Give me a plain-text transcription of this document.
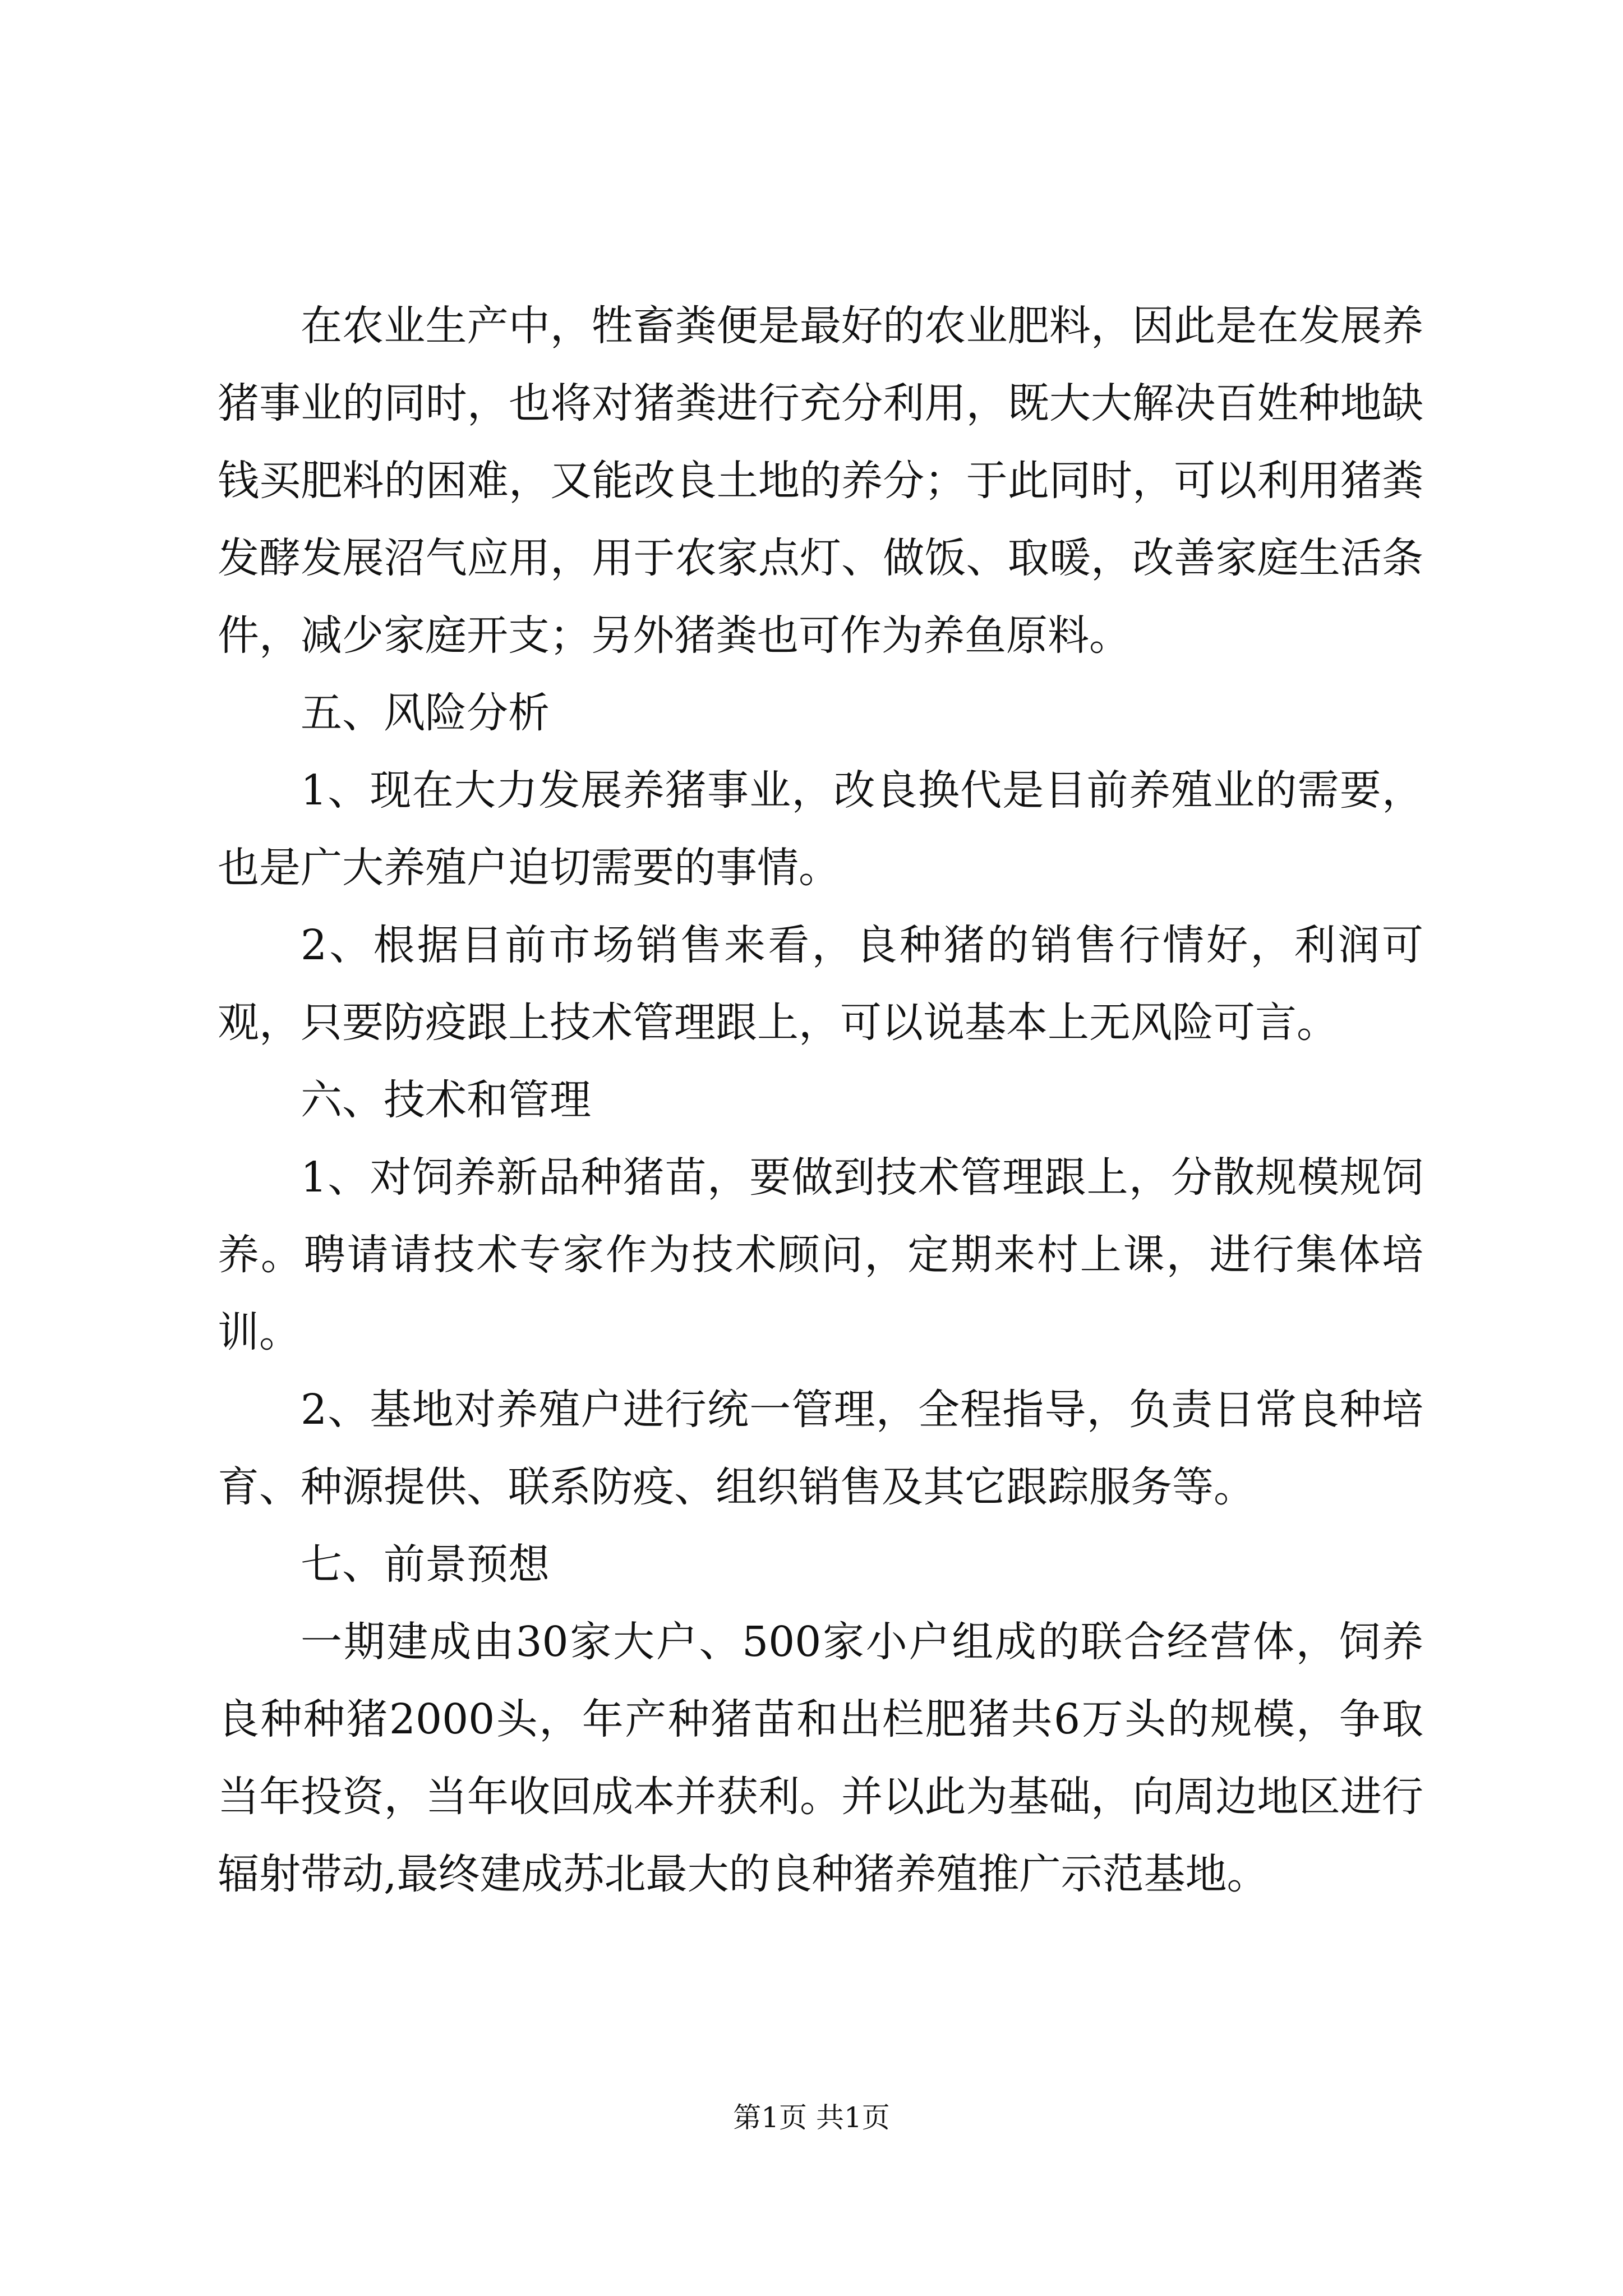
在农业生产中，牲畜粪便是最好的农业肥料，因此是在发展养猪事业的同时，也将对猪粪进行充分利用，既大大解决百姓种地缺钱买肥料的困难，又能改良土地的养分；于此同时，可以利用猪粪发酵发展沼气应用，用于农家点灯、做饭、取暖，改善家庭生活条件，减少家庭开支；另外猪粪也可作为养鱼原料。

五、风险分析

1、现在大力发展养猪事业，改良换代是目前养殖业的需要，也是广大养殖户迫切需要的事情。

2、根据目前市场销售来看，良种猪的销售行情好，利润可观，只要防疫跟上技术管理跟上，可以说基本上无风险可言。

六、技术和管理

1、对饲养新品种猪苗，要做到技术管理跟上，分散规模规饲养。聘请请技术专家作为技术顾问，定期来村上课，进行集体培训。

2、基地对养殖户进行统一管理，全程指导，负责日常良种培育、种源提供、联系防疫、组织销售及其它跟踪服务等。

七、前景预想

一期建成由30家大户、500家小户组成的联合经营体，饲养良种种猪2000头，年产种猪苗和出栏肥猪共6万头的规模，争取当年投资，当年收回成本并获利。并以此为基础，向周边地区进行辐射带动,最终建成苏北最大的良种猪养殖推广示范基地。

第1页 共1页
